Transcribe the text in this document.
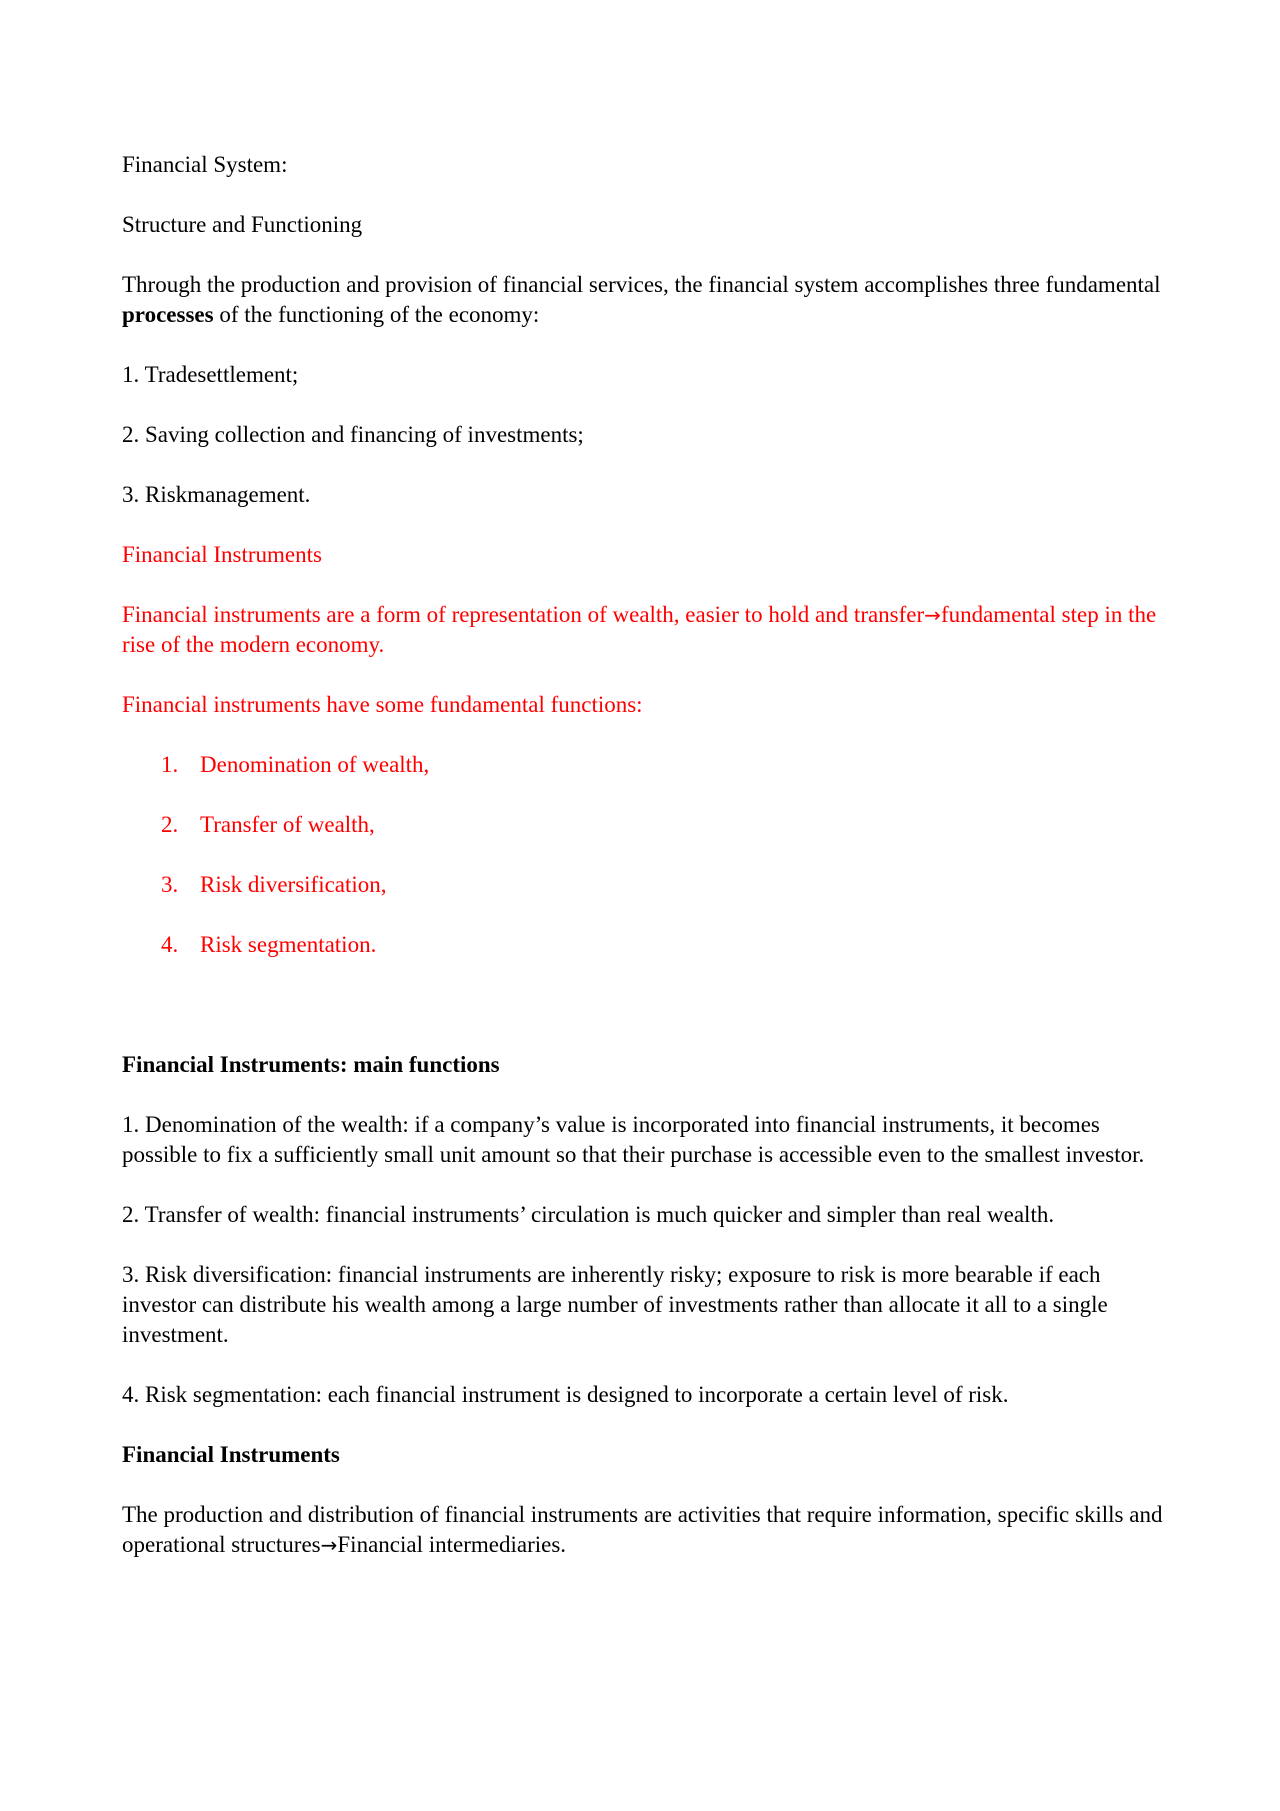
Financial System:

Structure and Functioning

Through the production and provision of financial services, the financial system accomplishes three fundamental processes of the functioning of the economy:

1. Tradesettlement;

2. Saving collection and financing of investments;

3. Riskmanagement.

Financial Instruments

Financial instruments are a form of representation of wealth, easier to hold and transfer→fundamental step in the rise of the modern economy.

Financial instruments have some fundamental functions:

1. Denomination of wealth,
2. Transfer of wealth,
3. Risk diversification,
4. Risk segmentation.

Financial Instruments: main functions

1. Denomination of the wealth: if a company’s value is incorporated into financial instruments, it becomes possible to fix a sufficiently small unit amount so that their purchase is accessible even to the smallest investor.

2. Transfer of wealth: financial instruments’ circulation is much quicker and simpler than real wealth.

3. Risk diversification: financial instruments are inherently risky; exposure to risk is more bearable if each investor can distribute his wealth among a large number of investments rather than allocate it all to a single investment.

4. Risk segmentation: each financial instrument is designed to incorporate a certain level of risk.

Financial Instruments

The production and distribution of financial instruments are activities that require information, specific skills and operational structures→Financial intermediaries.
